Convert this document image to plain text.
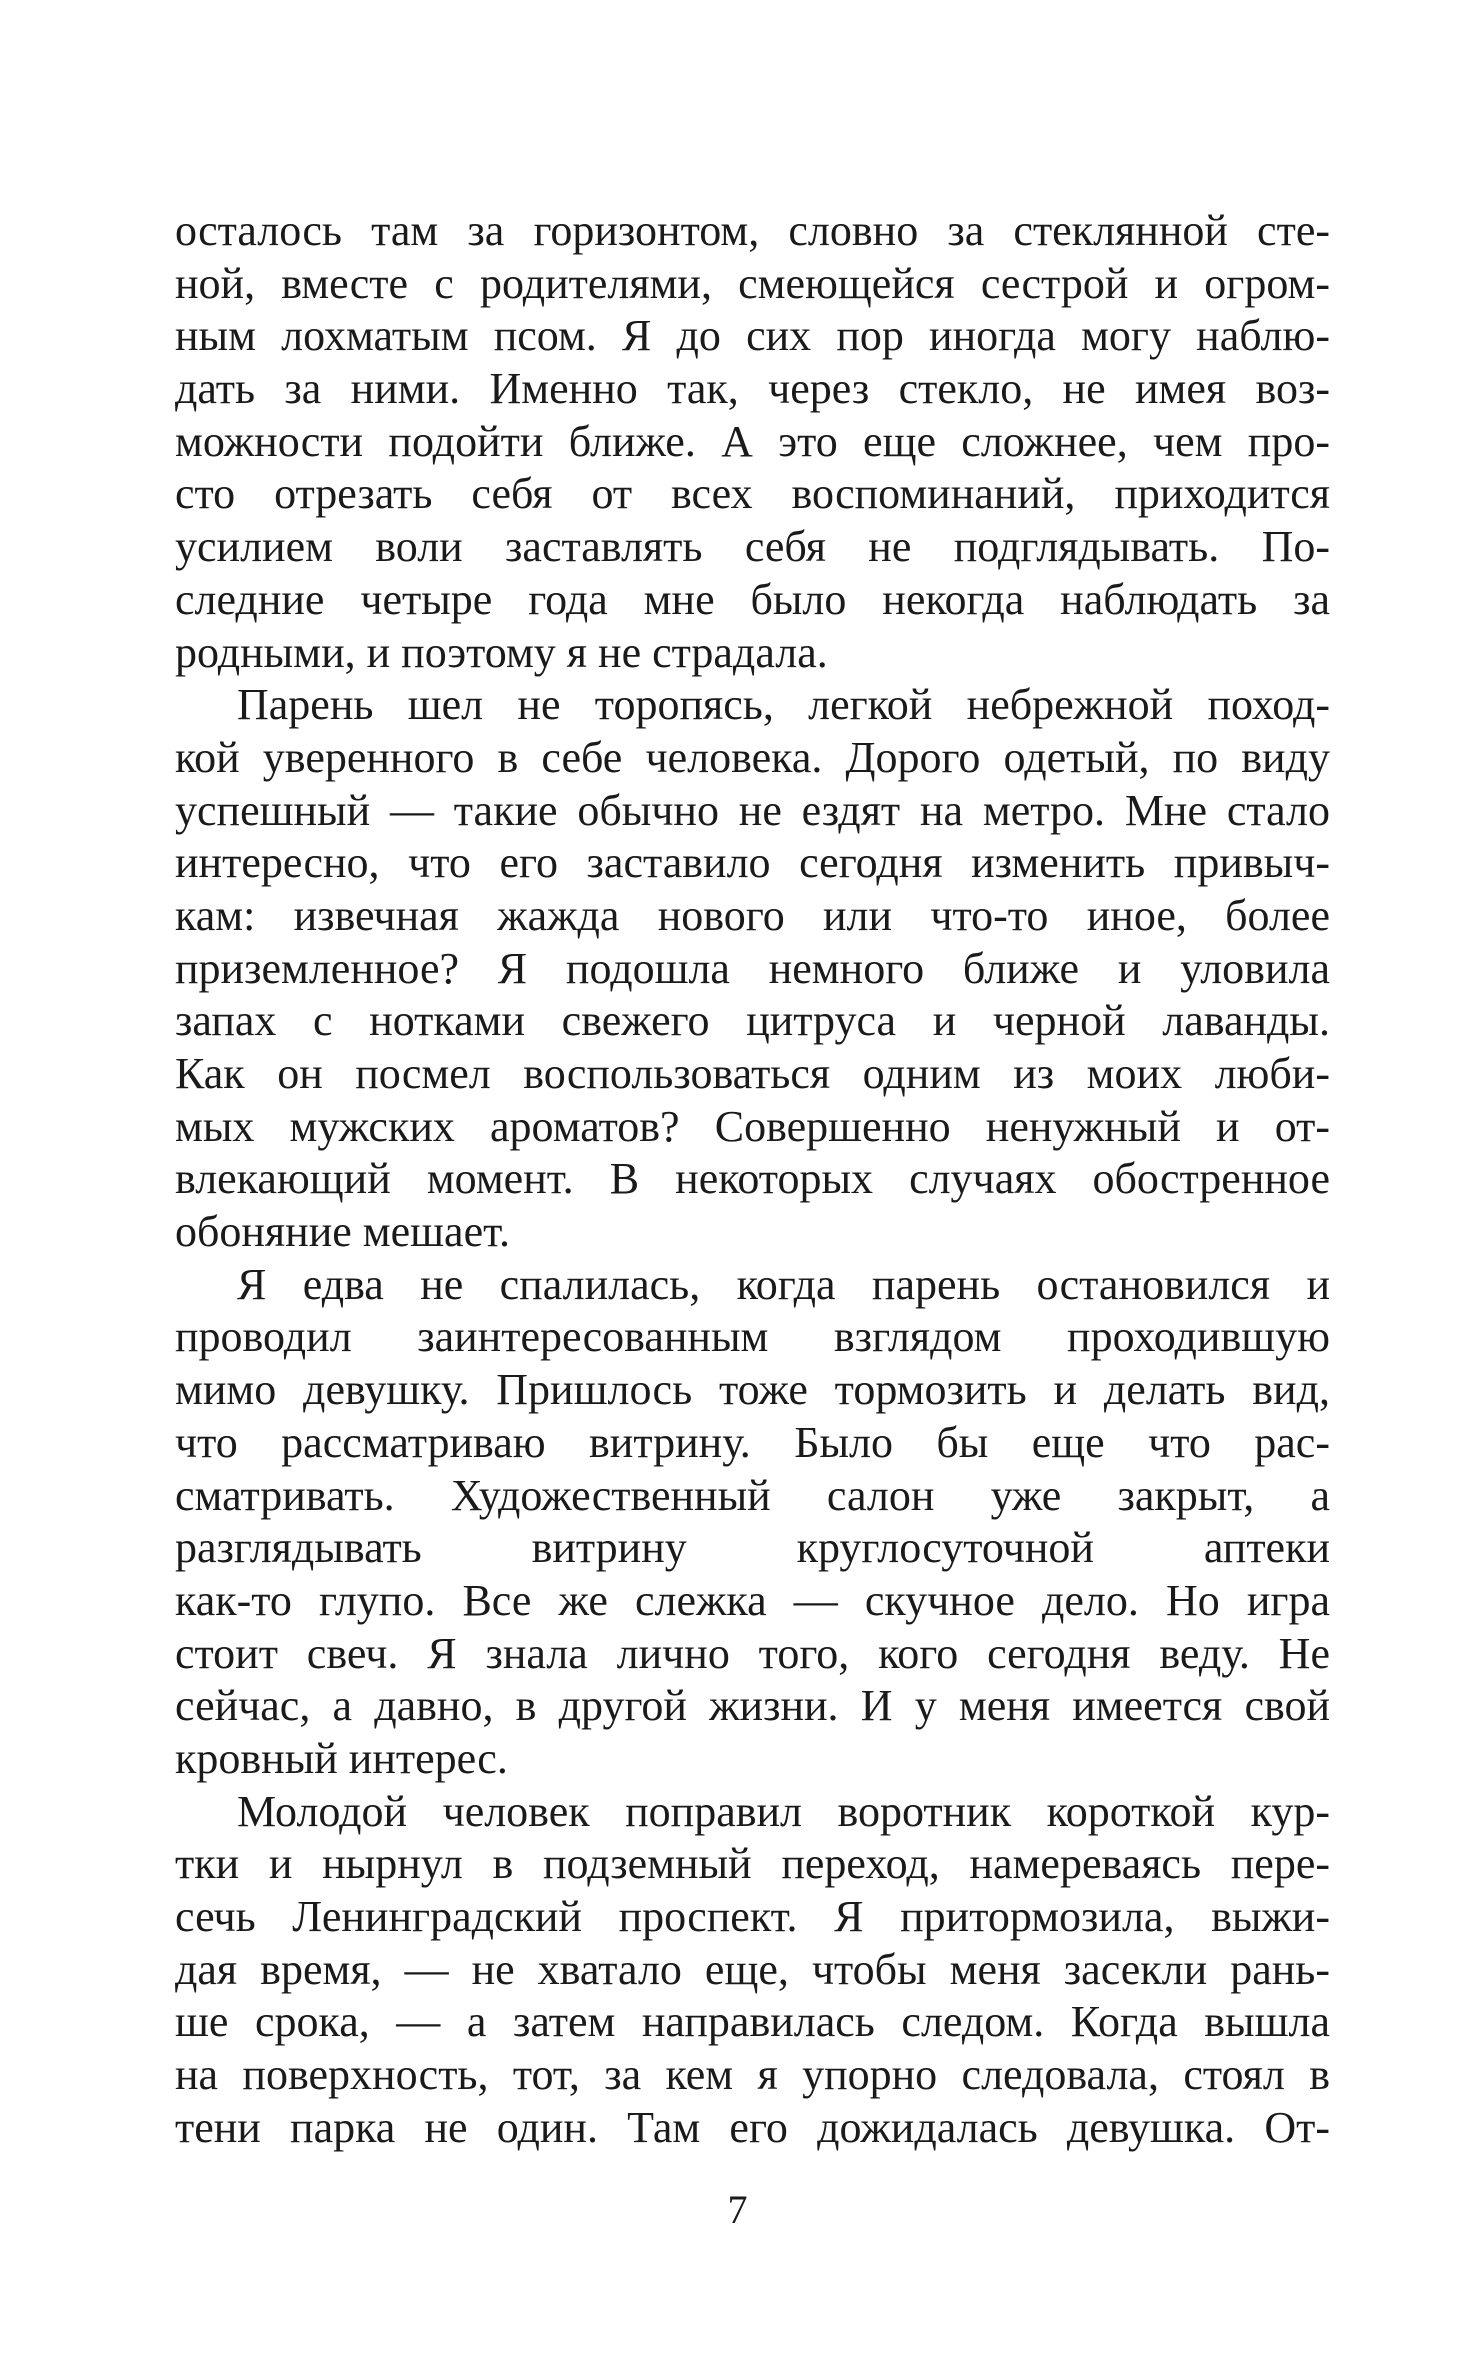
осталось там за горизонтом, словно за стеклянной сте-
ной, вместе с родителями, смеющейся сестрой и огром-
ным лохматым псом. Я до сих пор иногда могу наблю-
дать за ними. Именно так, через стекло, не имея воз-
можности подойти ближе. А это еще сложнее, чем про-
сто отрезать себя от всех воспоминаний, приходится
усилием воли заставлять себя не подглядывать. По-
следние четыре года мне было некогда наблюдать за
родными, и поэтому я не страдала.
Парень шел не торопясь, легкой небрежной поход-
кой уверенного в себе человека. Дорого одетый, по виду
успешный — такие обычно не ездят на метро. Мне стало
интересно, что его заставило сегодня изменить привыч-
кам: извечная жажда нового или что-то иное, более
приземленное? Я подошла немного ближе и уловила
запах с нотками свежего цитруса и черной лаванды.
Как он посмел воспользоваться одним из моих люби-
мых мужских ароматов? Совершенно ненужный и от-
влекающий момент. В некоторых случаях обостренное
обоняние мешает.
Я едва не спалилась, когда парень остановился и
проводил заинтересованным взглядом проходившую
мимо девушку. Пришлось тоже тормозить и делать вид,
что рассматриваю витрину. Было бы еще что рас-
сматривать. Художественный салон уже закрыт, а
разглядывать витрину круглосуточной аптеки
как-то глупо. Все же слежка — скучное дело. Но игра
стоит свеч. Я знала лично того, кого сегодня веду. Не
сейчас, а давно, в другой жизни. И у меня имеется свой
кровный интерес.
Молодой человек поправил воротник короткой кур-
тки и нырнул в подземный переход, намереваясь пере-
сечь Ленинградский проспект. Я притормозила, выжи-
дая время, — не хватало еще, чтобы меня засекли рань-
ше срока, — а затем направилась следом. Когда вышла
на поверхность, тот, за кем я упорно следовала, стоял в
тени парка не один. Там его дожидалась девушка. От-
7
